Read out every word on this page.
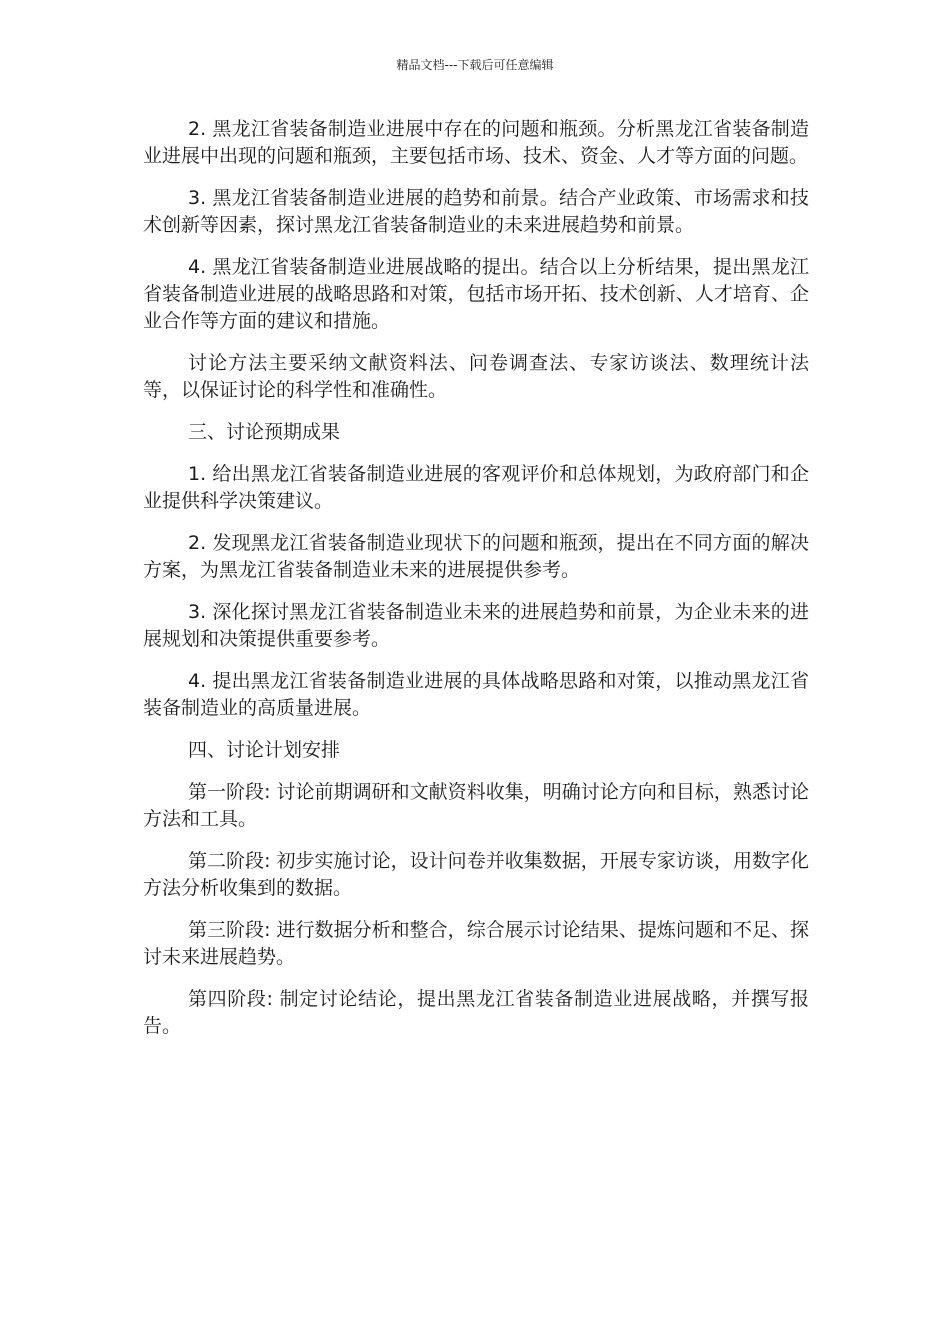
精品文档---下载后可任意编辑

2. 黑龙江省装备制造业进展中存在的问题和瓶颈。分析黑龙江省装备制造业进展中出现的问题和瓶颈，主要包括市场、技术、资金、人才等方面的问题。

3. 黑龙江省装备制造业进展的趋势和前景。结合产业政策、市场需求和技术创新等因素，探讨黑龙江省装备制造业的未来进展趋势和前景。

4. 黑龙江省装备制造业进展战略的提出。结合以上分析结果，提出黑龙江省装备制造业进展的战略思路和对策，包括市场开拓、技术创新、人才培育、企业合作等方面的建议和措施。

讨论方法主要采纳文献资料法、问卷调查法、专家访谈法、数理统计法等，以保证讨论的科学性和准确性。

三、讨论预期成果

1. 给出黑龙江省装备制造业进展的客观评价和总体规划，为政府部门和企业提供科学决策建议。

2. 发现黑龙江省装备制造业现状下的问题和瓶颈，提出在不同方面的解决方案，为黑龙江省装备制造业未来的进展提供参考。

3. 深化探讨黑龙江省装备制造业未来的进展趋势和前景，为企业未来的进展规划和决策提供重要参考。

4. 提出黑龙江省装备制造业进展的具体战略思路和对策，以推动黑龙江省装备制造业的高质量进展。

四、讨论计划安排

第一阶段: 讨论前期调研和文献资料收集，明确讨论方向和目标，熟悉讨论方法和工具。

第二阶段: 初步实施讨论，设计问卷并收集数据，开展专家访谈，用数字化方法分析收集到的数据。

第三阶段: 进行数据分析和整合，综合展示讨论结果、提炼问题和不足、探讨未来进展趋势。

第四阶段: 制定讨论结论，提出黑龙江省装备制造业进展战略，并撰写报告。
